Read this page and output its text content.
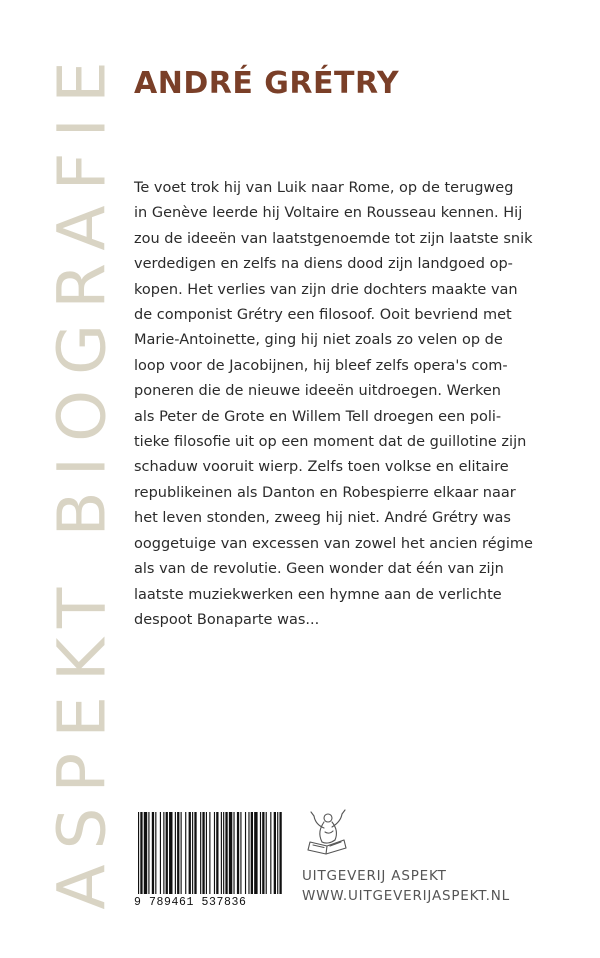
ASPEKT BIOGRAFIE ANDRÉ GRÉTRY
Te voet trok hij van Luik naar Rome, op de terugweg
in Genève leerde hij Voltaire en Rousseau kennen. Hij
zou de ideeën van laatstgenoemde tot zijn laatste snik
verdedigen en zelfs na diens dood zijn landgoed op-
kopen. Het verlies van zijn drie dochters maakte van
de componist Grétry een filosoof. Ooit bevriend met
Marie-Antoinette, ging hij niet zoals zo velen op de
loop voor de Jacobijnen, hij bleef zelfs opera's com-
poneren die de nieuwe ideeën uitdroegen. Werken
als Peter de Grote en Willem Tell droegen een poli-
tieke filosofie uit op een moment dat de guillotine zijn
schaduw vooruit wierp. Zelfs toen volkse en elitaire
republikeinen als Danton en Robespierre elkaar naar
het leven stonden, zweeg hij niet. André Grétry was
ooggetuige van excessen van zowel het ancien régime
als van de revolutie. Geen wonder dat één van zijn
laatste muziekwerken een hymne aan de verlichte
despoot Bonaparte was...
9 789461 537836
UITGEVERIJ ASPEKT
WWW.UITGEVERIJASPEKT.NL
